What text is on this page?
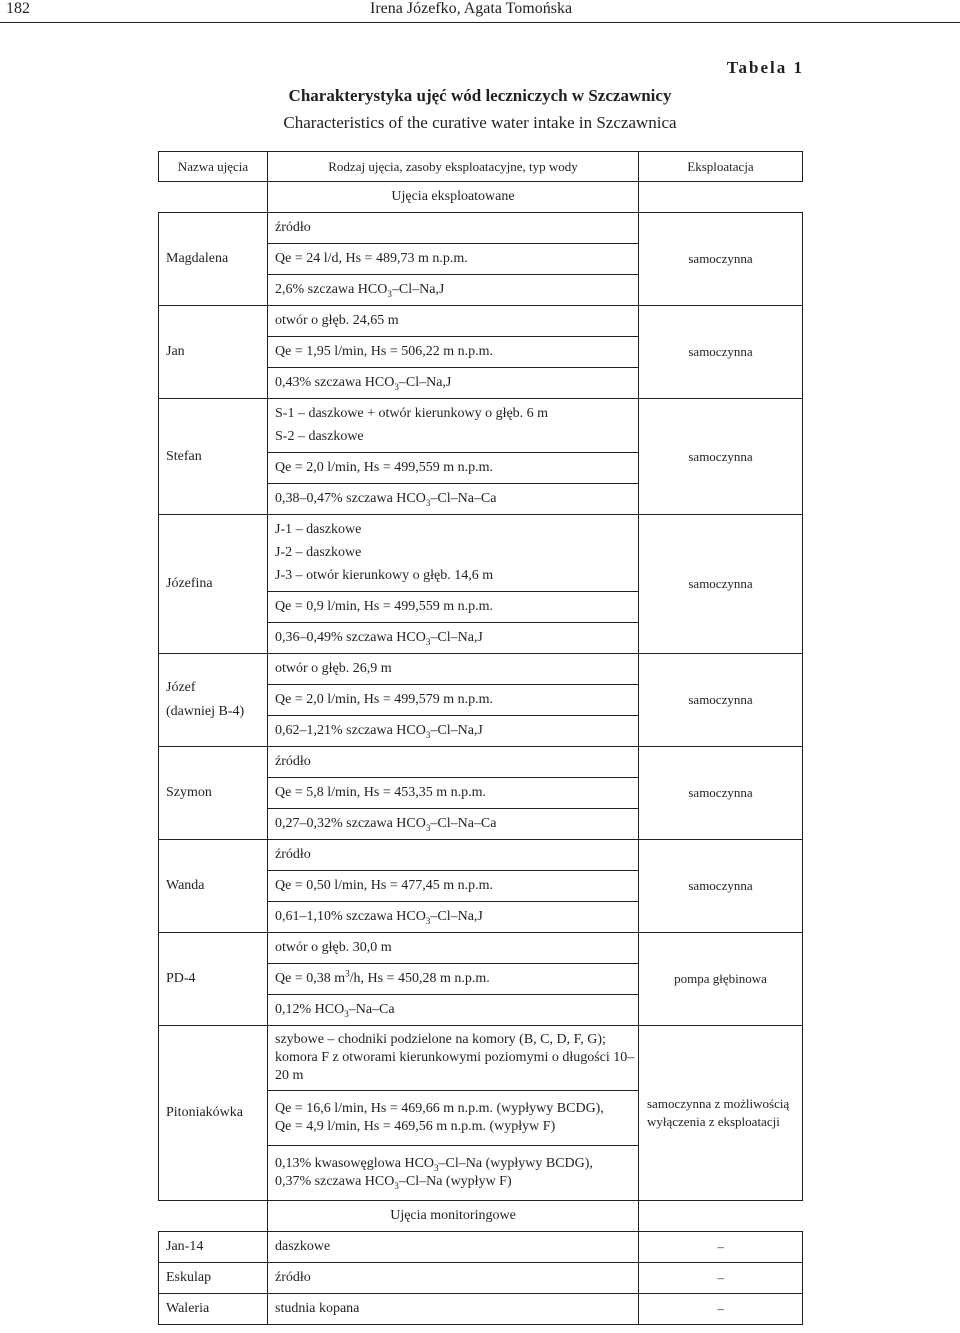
182	Irena Józefko, Agata Tomońska
Tabela 1
Charakterystyka ujęć wód leczniczych w Szczawnicy
Characteristics of the curative water intake in Szczawnica
Nazwa ujęcia	Rodzaj ujęcia, zasoby eksploatacyjne, typ wody	Eksploatacja
	Ujęcia eksploatowane	
Magdalena	źródło	samoczynna
	Qe = 24 l/d, Hs = 489,73 m n.p.m.	
	2,6% szczawa $HCO_3-Cl-Na,J$	
Jan	otwór o głęb. 24,65 m	samoczynna
	Qe = 1,95 l/min, Hs = 506,22 m n.p.m.	
	0,43% szczawa $HCO_3-Cl-Na,J$	
Stefan	S-1 – daszkowe + otwór kierunkowy o głęb. 6 m
S-2 – daszkowe	samoczynna
	Qe = 2,0 l/min, Hs = 499,559 m n.p.m.	
	0,38–0,47% szczawa $HCO_3-Cl-Na-Ca$	
Józefina	J-1 – daszkowe
J-2 – daszkowe
J-3 – otwór kierunkowy o głęb. 14,6 m	samoczynna
	Qe = 0,9 l/min, Hs = 499,559 m n.p.m.	
	0,36–0,49% szczawa $HCO_3-Cl-Na,J$	

Józef
(dawniej B-4)	otwór o głęb. 26,9 m	samoczynna
	Qe = 2,0 l/min, Hs = 499,579 m n.p.m.	
	0,62–1,21% szczawa $HCO_3-Cl-Na,J$	
Szymon	źródło	samoczynna
	Qe = 5,8 l/min, Hs = 453,35 m n.p.m.	
	0,27–0,32% szczawa $HCO_3-Cl-Na-Ca$	
Wanda	źródło	samoczynna
	Qe = 0,50 l/min, Hs = 477,45 m n.p.m.	
	0,61–1,10% szczawa $HCO_3-Cl-Na,J$	
PD-4	otwór o głęb. 30,0 m	pompa głębinowa
	Qe = 0,38 $m^3/h$, Hs = 450,28 m n.p.m.	
	0,12% $HCO_3-Na-Ca$	
Pitoniakówka	szybowe – chodniki podzielone na komory (B, C, D, F, G); komora F z otworami kierunkowymi poziomymi o długości 10–20 m	samoczynna z możliwością wyłączenia z eksploatacji

	Qe = 16,6 l/min, Hs = 469,66 m n.p.m. (wypływy BCDG),
Qe = 4,9 l/min, Hs = 469,56 m n.p.m. (wypływ F)	

	0,13% kwasowęglowa $HCO_3-Cl-Na$ (wypływy BCDG),
0,37% szczawa $HCO_3-Cl-Na$ (wypływ F)	

	Ujęcia monitoringowe	
Jan-14	daszkowe	–
Eskulap	źródło	–
Waleria	studnia kopana	–
